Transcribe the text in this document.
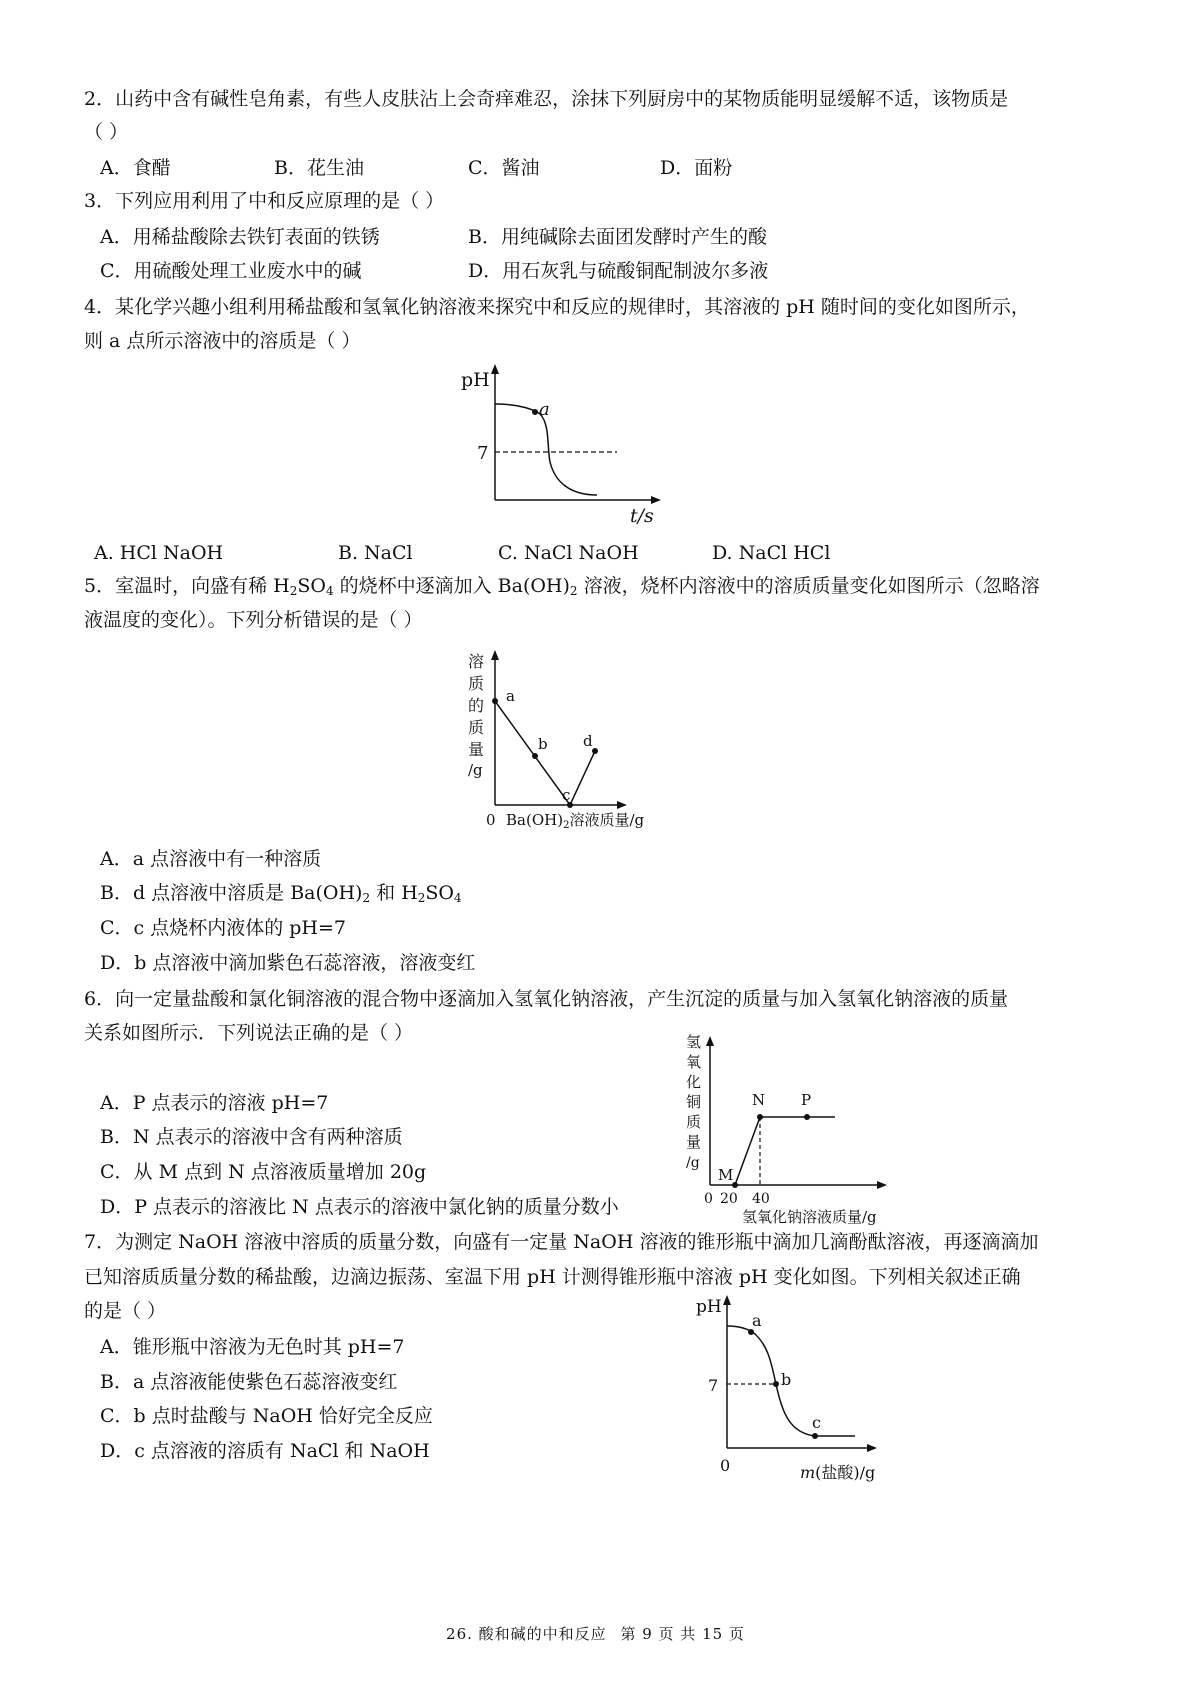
2．山药中含有碱性皂角素，有些人皮肤沾上会奇痒难忍，涂抹下列厨房中的某物质能明显缓解不适，该物质是
（ ）
A．食醋	B．花生油	C．酱油	D．面粉
3．下列应用利用了中和反应原理的是（ ）
A．用稀盐酸除去铁钉表面的铁锈	B．用纯碱除去面团发酵时产生的酸
C．用硫酸处理工业废水中的碱	D．用石灰乳与硫酸铜配制波尔多液
4．某化学兴趣小组利用稀盐酸和氢氧化钠溶液来探究中和反应的规律时，其溶液的 pH 随时间的变化如图所示，
则 a 点所示溶液中的溶质是（ ）
pH
7
a
t/s
A. HCl NaOH	B. NaCl	C. NaCl NaOH	D. NaCl HCl
5．室温时，向盛有稀 $H_2SO_4$ 的烧杯中逐滴加入 $Ba(OH)_2$ 溶液，烧杯内溶液中的溶质质量变化如图所示（忽略溶
液温度的变化）。下列分析错误的是（ ）
溶
质
的
质
量
/g
a
b
c
d
0 $Ba(OH)_2$溶液质量/g
A．a 点溶液中有一种溶质
B．d 点溶液中溶质是 $Ba(OH)_2$ 和 $H_2SO_4$
C．c 点烧杯内液体的 pH=7
D．b 点溶液中滴加紫色石蕊溶液，溶液变红
6．向一定量盐酸和氯化铜溶液的混合物中逐滴加入氢氧化钠溶液，产生沉淀的质量与加入氢氧化钠溶液的质量
关系如图所示．下列说法正确的是（ ）	氢
氧
化
铜
质
量
/g
M
N P
0 20 40
氢氧化钠溶液质量/g
A．P 点表示的溶液 pH=7
B．N 点表示的溶液中含有两种溶质
C．从 M 点到 N 点溶液质量增加 20g
D．P 点表示的溶液比 N 点表示的溶液中氯化钠的质量分数小
7．为测定 NaOH 溶液中溶质的质量分数，向盛有一定量 NaOH 溶液的锥形瓶中滴加几滴酚酞溶液，再逐滴滴加
已知溶质质量分数的稀盐酸，边滴边振荡、室温下用 pH 计测得锥形瓶中溶液 pH 变化如图。下列相关叙述正确
的是（ ）	pH
7
a
b
c
0	m(盐酸)/g
A．锥形瓶中溶液为无色时其 pH=7
B．a 点溶液能使紫色石蕊溶液变红
C．b 点时盐酸与 NaOH 恰好完全反应
D．c 点溶液的溶质有 NaCl 和 NaOH
26. 酸和碱的中和反应 第 9 页 共 15 页
